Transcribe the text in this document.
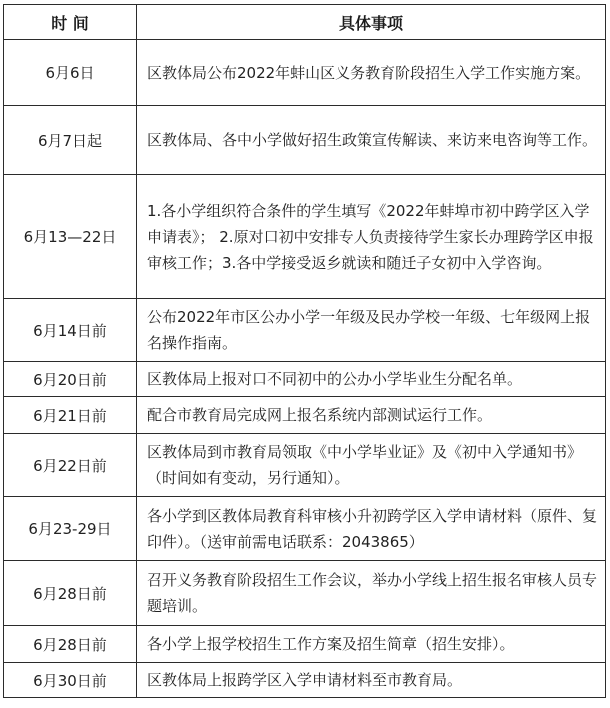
时 间	具体事项
6月6日	区教体局公布2022年蚌山区义务教育阶段招生入学工作实施方案。
6月7日起	区教体局、各中小学做好招生政策宣传解读、来访来电咨询等工作。
6月13—22日	1.各小学组织符合条件的学生填写《2022年蚌埠市初中跨学区入学申请表》； 2.原对口初中安排专人负责接待学生家长办理跨学区申报审核工作；3.各中学接受返乡就读和随迁子女初中入学咨询。
6月14日前	公布2022年市区公办小学一年级及民办学校一年级、七年级网上报名操作指南。
6月20日前	区教体局上报对口不同初中的公办小学毕业生分配名单。
6月21日前	配合市教育局完成网上报名系统内部测试运行工作。
6月22日前	区教体局到市教育局领取《中小学毕业证》及《初中入学通知书》（时间如有变动，另行通知）。
6月23-29日	各小学到区教体局教育科审核小升初跨学区入学申请材料（原件、复印件）。（送审前需电话联系：2043865）
6月28日前	召开义务教育阶段招生工作会议，举办小学线上招生报名审核人员专题培训。
6月28日前	各小学上报学校招生工作方案及招生简章（招生安排）。
6月30日前	区教体局上报跨学区入学申请材料至市教育局。
